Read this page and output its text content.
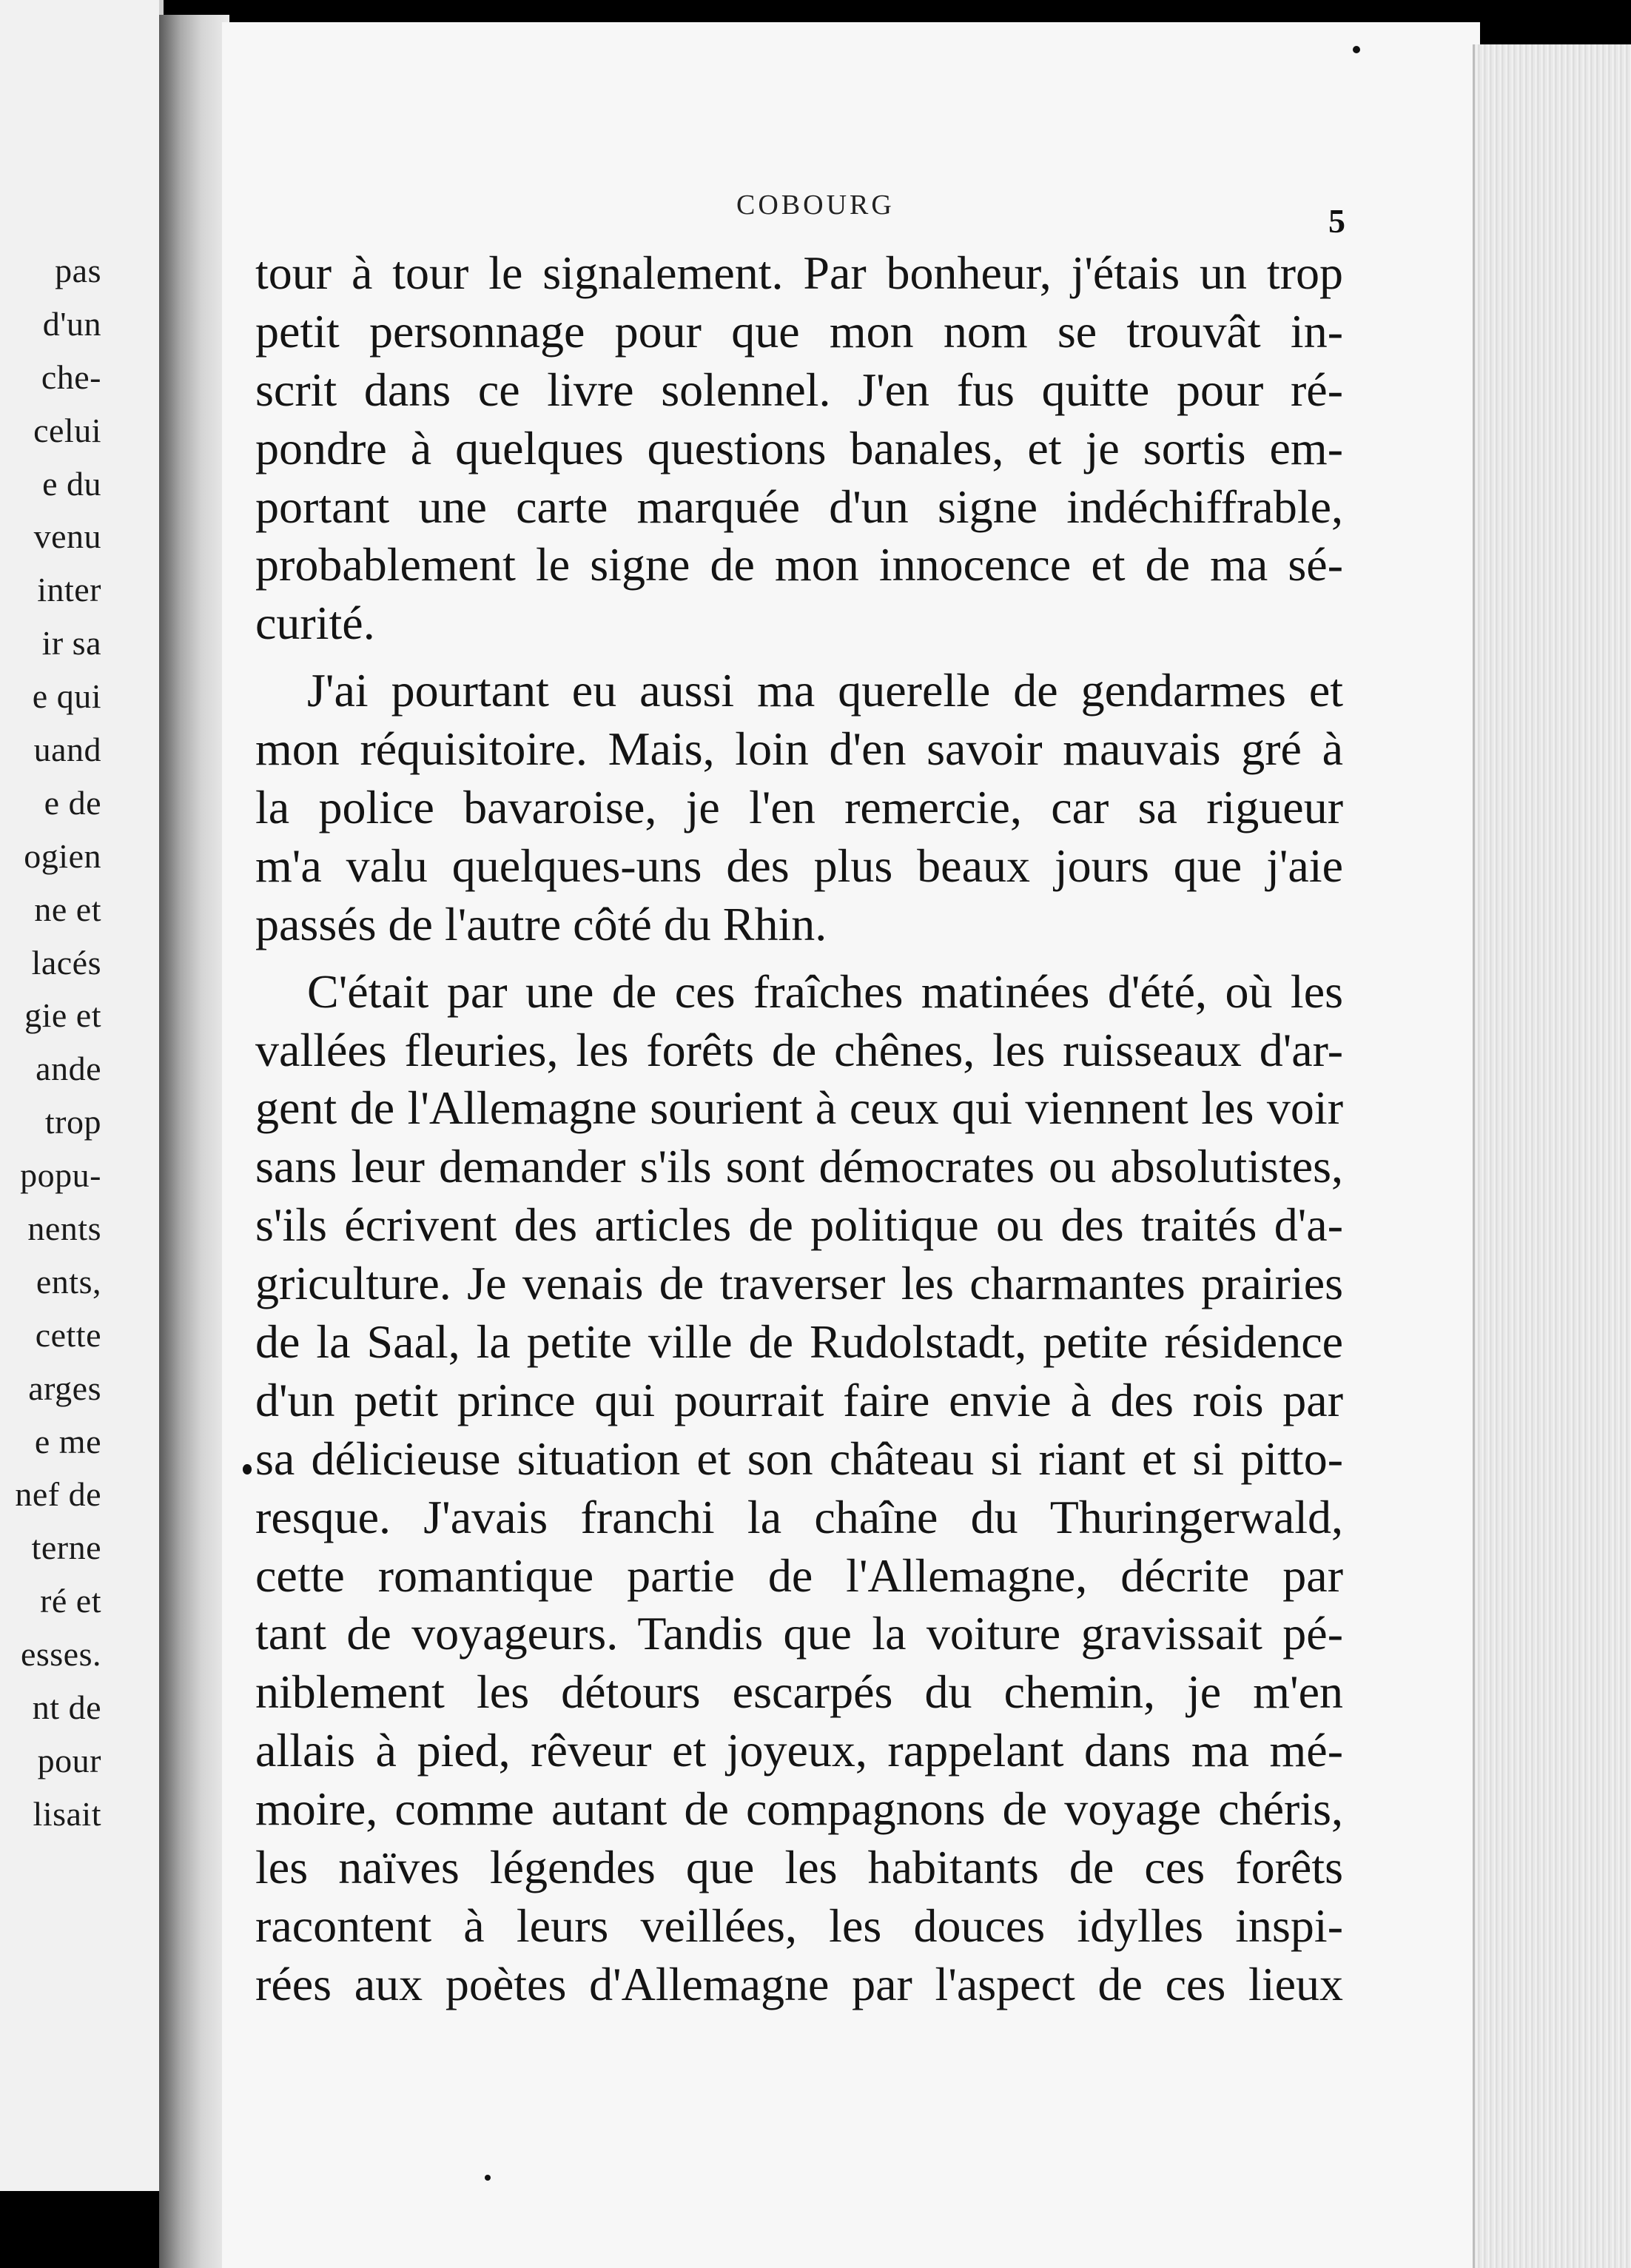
pas
d'un
che-
celui
e du
venu
inter
ir sa
e qui
uand
e de
ogien
ne et
lacés
gie et
ande
trop
popu-
nents
ents,
cette
arges
e me
nef de
terne
ré et
esses.
nt de
pour
lisait
COBOURG	5
tour à tour le signalement. Par bonheur, j'étais un trop
petit personnage pour que mon nom se trouvât in-
scrit dans ce livre solennel. J'en fus quitte pour ré-
pondre à quelques questions banales, et je sortis em-
portant une carte marquée d'un signe indéchiffrable,
probablement le signe de mon innocence et de ma sé-
curité.
J'ai pourtant eu aussi ma querelle de gendarmes et
mon réquisitoire. Mais, loin d'en savoir mauvais gré à
la police bavaroise, je l'en remercie, car sa rigueur
m'a valu quelques-uns des plus beaux jours que j'aie
passés de l'autre côté du Rhin.
C'était par une de ces fraîches matinées d'été, où les
vallées fleuries, les forêts de chênes, les ruisseaux d'ar-
gent de l'Allemagne sourient à ceux qui viennent les voir
sans leur demander s'ils sont démocrates ou absolutistes,
s'ils écrivent des articles de politique ou des traités d'a-
griculture. Je venais de traverser les charmantes prairies
de la Saal, la petite ville de Rudolstadt, petite résidence
d'un petit prince qui pourrait faire envie à des rois par
sa délicieuse situation et son château si riant et si pitto-
resque. J'avais franchi la chaîne du Thuringerwald,
cette romantique partie de l'Allemagne, décrite par
tant de voyageurs. Tandis que la voiture gravissait pé-
niblement les détours escarpés du chemin, je m'en
allais à pied, rêveur et joyeux, rappelant dans ma mé-
moire, comme autant de compagnons de voyage chéris,
les naïves légendes que les habitants de ces forêts
racontent à leurs veillées, les douces idylles inspi-
rées aux poètes d'Allemagne par l'aspect de ces lieux
